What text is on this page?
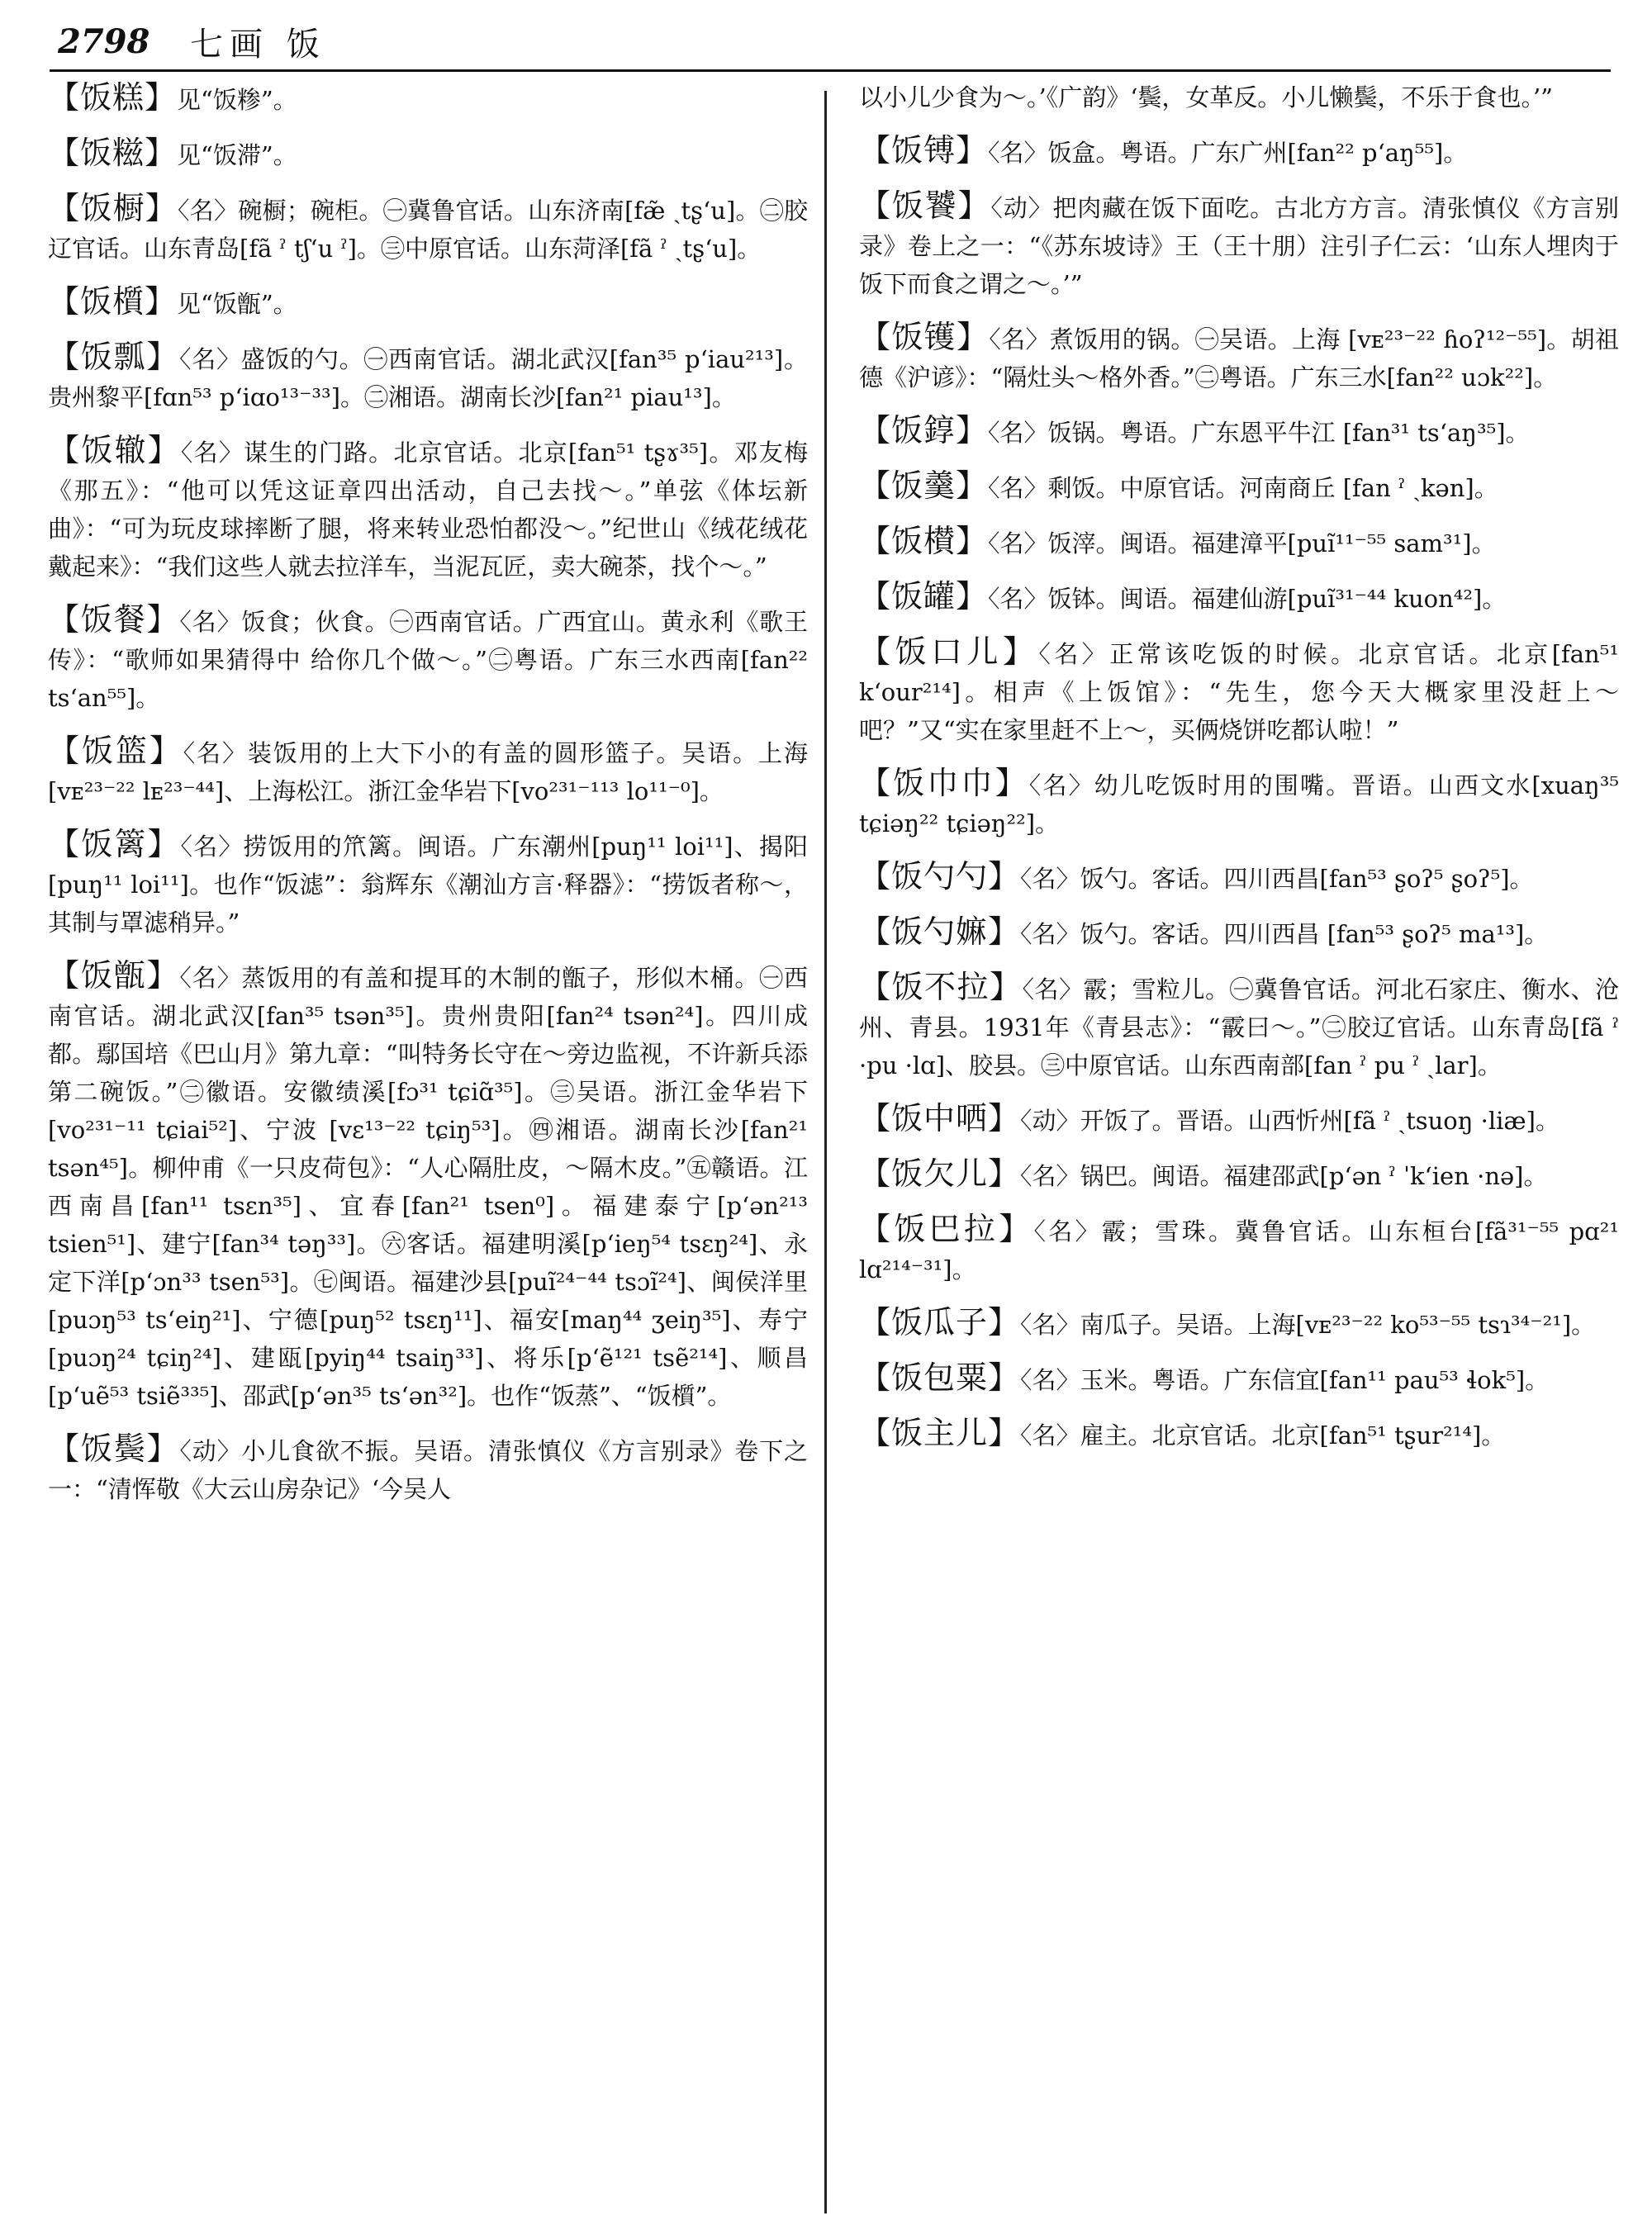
2798	七画 饭

【饭糕】见“饭糁”。

【饭糍】见“饭滞”。

【饭橱】〈名〉碗橱；碗柜。㊀冀鲁官话。山东济南[fæ̃ ˎtʂʻu]。㊁胶辽官话。山东青岛[fã ˀ tʃʻu ˀ]。㊂中原官话。山东菏泽[fã ˀ ˎtʂʻu]。

【饭櫍】见“饭甑”。

【饭瓢】〈名〉盛饭的勺。㊀西南官话。湖北武汉[fan³⁵ pʻiau²¹³]。贵州黎平[fɑn⁵³ pʻiɑo¹³⁻³³]。㊁湘语。湖南长沙[fan²¹ piau¹³]。

【饭辙】〈名〉谋生的门路。北京官话。北京[fan⁵¹ tʂɤ³⁵]。邓友梅《那五》：“他可以凭这证章四出活动，自己去找～。”单弦《体坛新曲》：“可为玩皮球摔断了腿，将来转业恐怕都没～。”纪世山《绒花绒花戴起来》：“我们这些人就去拉洋车，当泥瓦匠，卖大碗茶，找个～。”

【饭餐】〈名〉饭食；伙食。㊀西南官话。广西宜山。黄永利《歌王传》：“歌师如果猜得中 给你几个做～。”㊁粤语。广东三水西南[fan²² tsʻan⁵⁵]。

【饭篮】〈名〉装饭用的上大下小的有盖的圆形篮子。吴语。上海[vᴇ²³⁻²² lᴇ²³⁻⁴⁴]、上海松江。浙江金华岩下[vo²³¹⁻¹¹³ lo¹¹⁻⁰]。

【饭篱】〈名〉捞饭用的笊篱。闽语。广东潮州[puŋ¹¹ loi¹¹]、揭阳[puŋ¹¹ loi¹¹]。也作“饭滤”：翁辉东《潮汕方言·释器》：“捞饭者称～，其制与罩滤稍异。”

【饭甑】〈名〉蒸饭用的有盖和提耳的木制的甑子，形似木桶。㊀西南官话。湖北武汉[fan³⁵ tsən³⁵]。贵州贵阳[fan²⁴ tsən²⁴]。四川成都。鄢国培《巴山月》第九章：“叫特务长守在～旁边监视，不许新兵添第二碗饭。”㊁徽语。安徽绩溪[fɔ³¹ tɕiɑ̃³⁵]。㊂吴语。浙江金华岩下[vo²³¹⁻¹¹ tɕiai⁵²]、宁波 [vɛ¹³⁻²² tɕiŋ⁵³]。㊃湘语。湖南长沙[fan²¹ tsən⁴⁵]。柳仲甫《一只皮荷包》：“人心隔肚皮，～隔木皮。”㊄赣语。江西南昌[fan¹¹ tsɛn³⁵]、宜春[fan²¹ tsen⁰]。福建泰宁[pʻən²¹³ tsien⁵¹]、建宁[fan³⁴ təŋ³³]。㊅客话。福建明溪[pʻieŋ⁵⁴ tsɛŋ²⁴]、永定下洋[pʻɔn³³ tsen⁵³]。㊆闽语。福建沙县[puĩ²⁴⁻⁴⁴ tsɔĩ²⁴]、闽侯洋里[puɔŋ⁵³ tsʻeiŋ²¹]、宁德[puŋ⁵² tsɛŋ¹¹]、福安[maŋ⁴⁴ ʒeiŋ³⁵]、寿宁[puɔŋ²⁴ tɕiŋ²⁴]、建瓯[pyiŋ⁴⁴ tsaiŋ³³]、将乐[pʻẽ¹²¹ tsẽ²¹⁴]、顺昌[pʻuẽ⁵³ tsiẽ³³⁵]、邵武[pʻən³⁵ tsʻən³²]。也作“饭蒸”、“饭櫍”。

【饭鬓】〈动〉小儿食欲不振。吴语。清张慎仪《方言别录》卷下之一：“清恽敬《大云山房杂记》‘今吴人

以小儿少食为～。’《广韵》‘鬓，女革反。小儿懒鬓，不乐于食也。’”

【饭镈】〈名〉饭盒。粤语。广东广州[fan²² pʻaŋ⁵⁵]。

【饭饕】〈动〉把肉藏在饭下面吃。古北方方言。清张慎仪《方言别录》卷上之一：“《苏东坡诗》王（王十朋）注引子仁云：‘山东人埋肉于饭下而食之谓之～。’”

【饭镬】〈名〉煮饭用的锅。㊀吴语。上海 [vᴇ²³⁻²² ɦoʔ¹²⁻⁵⁵]。胡祖德《沪谚》：“隔灶头～格外香。”㊁粤语。广东三水[fan²² uɔk²²]。

【饭錞】〈名〉饭锅。粤语。广东恩平牛江 [fan³¹ tsʻaŋ³⁵]。

【饭羹】〈名〉剩饭。中原官话。河南商丘 [fan ˀ ˎkən]。

【饭櫕】〈名〉饭滓。闽语。福建漳平[puĩ¹¹⁻⁵⁵ sam³¹]。

【饭罐】〈名〉饭钵。闽语。福建仙游[puĩ³¹⁻⁴⁴ kuon⁴²]。

【饭口儿】〈名〉正常该吃饭的时候。北京官话。北京[fan⁵¹ kʻour²¹⁴]。相声《上饭馆》：“先生，您今天大概家里没赶上～吧？”又“实在家里赶不上～，买俩烧饼吃都认啦！”

【饭巾巾】〈名〉幼儿吃饭时用的围嘴。晋语。山西文水[xuaŋ³⁵ tɕiəŋ²² tɕiəŋ²²]。

【饭勺勺】〈名〉饭勺。客话。四川西昌[fan⁵³ ʂoʔ⁵ ʂoʔ⁵]。

【饭勺嫲】〈名〉饭勺。客话。四川西昌 [fan⁵³ ʂoʔ⁵ ma¹³]。

【饭不拉】〈名〉霰；雪粒儿。㊀冀鲁官话。河北石家庄、衡水、沧州、青县。1931年《青县志》：“霰曰～。”㊁胶辽官话。山东青岛[fã ˀ ·pu ·lɑ]、胶县。㊂中原官话。山东西南部[fan ˀ pu ˀ ˏlar]。

【饭中哂】〈动〉开饭了。晋语。山西忻州[fã ˀ ˎtsuoŋ ·liæ]。

【饭欠儿】〈名〉锅巴。闽语。福建邵武[pʻən ˀ ˈkʻien ·nə]。

【饭巴拉】〈名〉霰；雪珠。冀鲁官话。山东桓台[fã³¹⁻⁵⁵ pɑ²¹ lɑ²¹⁴⁻³¹]。

【饭瓜子】〈名〉南瓜子。吴语。上海[vᴇ²³⁻²² ko⁵³⁻⁵⁵ tsɿ³⁴⁻²¹]。

【饭包粟】〈名〉玉米。粤语。广东信宜[fan¹¹ pau⁵³ ɬok⁵]。

【饭主儿】〈名〉雇主。北京官话。北京[fan⁵¹ tʂur²¹⁴]。
